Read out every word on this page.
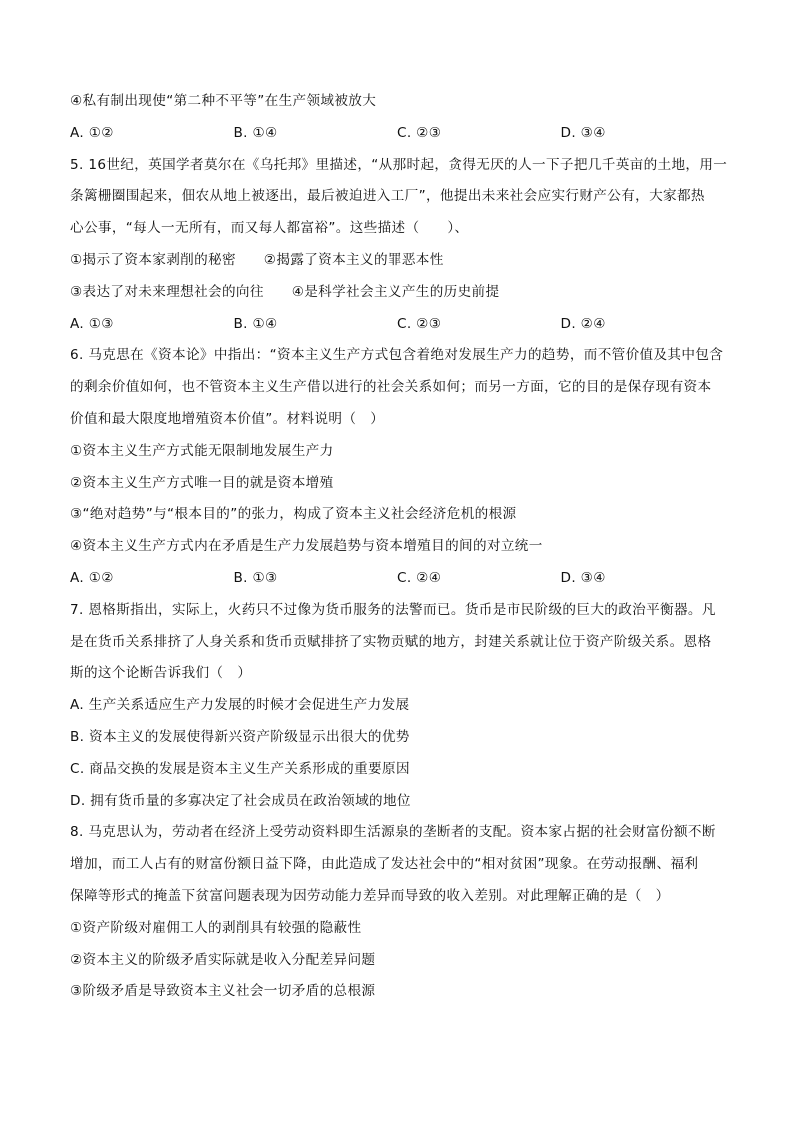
④私有制出现使“第二种不平等”在生产领域被放大
A. ①②	B. ①④	C. ②③	D. ③④
5. 16世纪，英国学者莫尔在《乌托邦》里描述，“从那时起，贪得无厌的人一下子把几千英亩的土地，用一
条篱栅圈围起来，佃农从地上被逐出，最后被迫进入工厂”，他提出未来社会应实行财产公有，大家都热
心公事，“每人一无所有，而又每人都富裕”。这些描述（　　）、
①揭示了资本家剥削的秘密　　②揭露了资本主义的罪恶本性
③表达了对未来理想社会的向往　　④是科学社会主义产生的历史前提
A. ①③	B. ①④	C. ②③	D. ②④
6. 马克思在《资本论》中指出：“资本主义生产方式包含着绝对发展生产力的趋势，而不管价值及其中包含
的剩余价值如何，也不管资本主义生产借以进行的社会关系如何；而另一方面，它的目的是保存现有资本
价值和最大限度地增殖资本价值”。材料说明（　）
①资本主义生产方式能无限制地发展生产力
②资本主义生产方式唯一目的就是资本增殖
③“绝对趋势”与“根本目的”的张力，构成了资本主义社会经济危机的根源
④资本主义生产方式内在矛盾是生产力发展趋势与资本增殖目的间的对立统一
A. ①②	B. ①③	C. ②④	D. ③④
7. 恩格斯指出，实际上，火药只不过像为货币服务的法警而已。货币是市民阶级的巨大的政治平衡器。凡
是在货币关系排挤了人身关系和货币贡赋排挤了实物贡赋的地方，封建关系就让位于资产阶级关系。恩格
斯的这个论断告诉我们（　）
A. 生产关系适应生产力发展的时候才会促进生产力发展
B. 资本主义的发展使得新兴资产阶级显示出很大的优势
C. 商品交换的发展是资本主义生产关系形成的重要原因
D. 拥有货币量的多寡决定了社会成员在政治领域的地位
8. 马克思认为，劳动者在经济上受劳动资料即生活源泉的垄断者的支配。资本家占据的社会财富份额不断
增加，而工人占有的财富份额日益下降，由此造成了发达社会中的“相对贫困”现象。在劳动报酬、福利
保障等形式的掩盖下贫富问题表现为因劳动能力差异而导致的收入差别。对此理解正确的是（　）
①资产阶级对雇佣工人的剥削具有较强的隐蔽性
②资本主义的阶级矛盾实际就是收入分配差异问题
③阶级矛盾是导致资本主义社会一切矛盾的总根源
